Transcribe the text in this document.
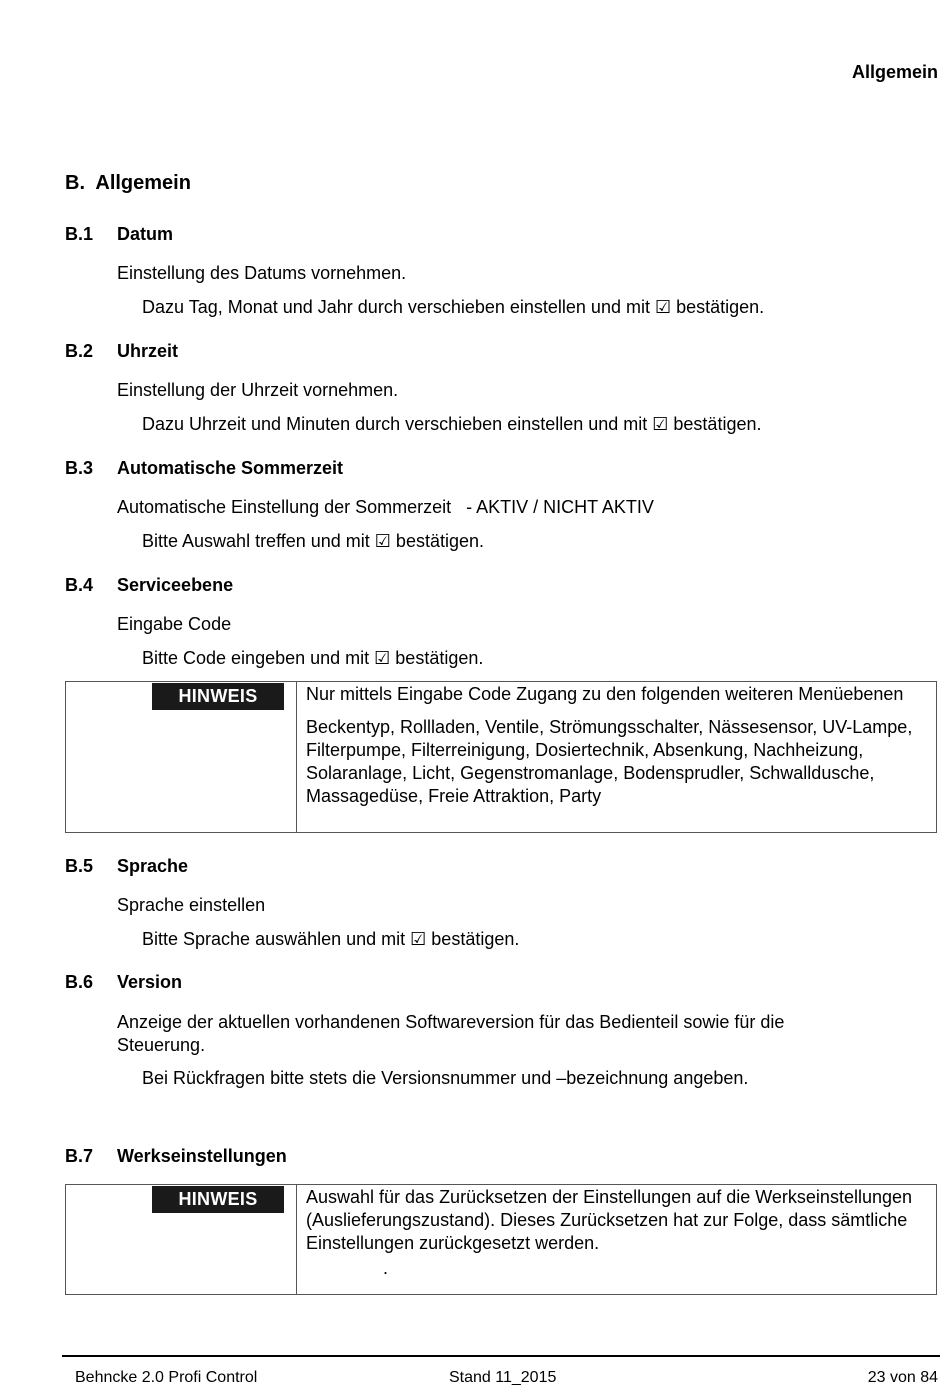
Allgemein
B. Allgemein
B.1 Datum
Einstellung des Datums vornehmen.
Dazu Tag, Monat und Jahr durch verschieben einstellen und mit ☑ bestätigen.
B.2 Uhrzeit
Einstellung der Uhrzeit vornehmen.
Dazu Uhrzeit und Minuten durch verschieben einstellen und mit ☑ bestätigen.
B.3 Automatische Sommerzeit
Automatische Einstellung der Sommerzeit   - AKTIV / NICHT AKTIV
Bitte Auswahl treffen und mit ☑ bestätigen.
B.4 Serviceebene
Eingabe Code
Bitte Code eingeben und mit ☑ bestätigen.
HINWEIS	Nur mittels Eingabe Code Zugang zu den folgenden weiteren Menüebenen

Beckentyp, Rollladen, Ventile, Strömungsschalter, Nässesensor, UV-Lampe, Filterpumpe, Filterreinigung, Dosiertechnik, Absenkung, Nachheizung, Solaranlage, Licht, Gegenstromanlage, Bodensprudler, Schwalldusche, Massagedüse, Freie Attraktion, Party

B.5 Sprache
Sprache einstellen
Bitte Sprache auswählen und mit ☑ bestätigen.
B.6 Version
Anzeige der aktuellen vorhandenen Softwareversion für das Bedienteil sowie für die Steuerung.
Bei Rückfragen bitte stets die Versionsnummer und –bezeichnung angeben.
B.7 Werkseinstellungen
HINWEIS	Auswahl für das Zurücksetzen der Einstellungen auf die Werkseinstellungen (Auslieferungszustand). Dieses Zurücksetzen hat zur Folge, dass sämtliche Einstellungen zurückgesetzt werden.

.

Behncke 2.0 Profi Control	Stand 11_2015	23 von 84
